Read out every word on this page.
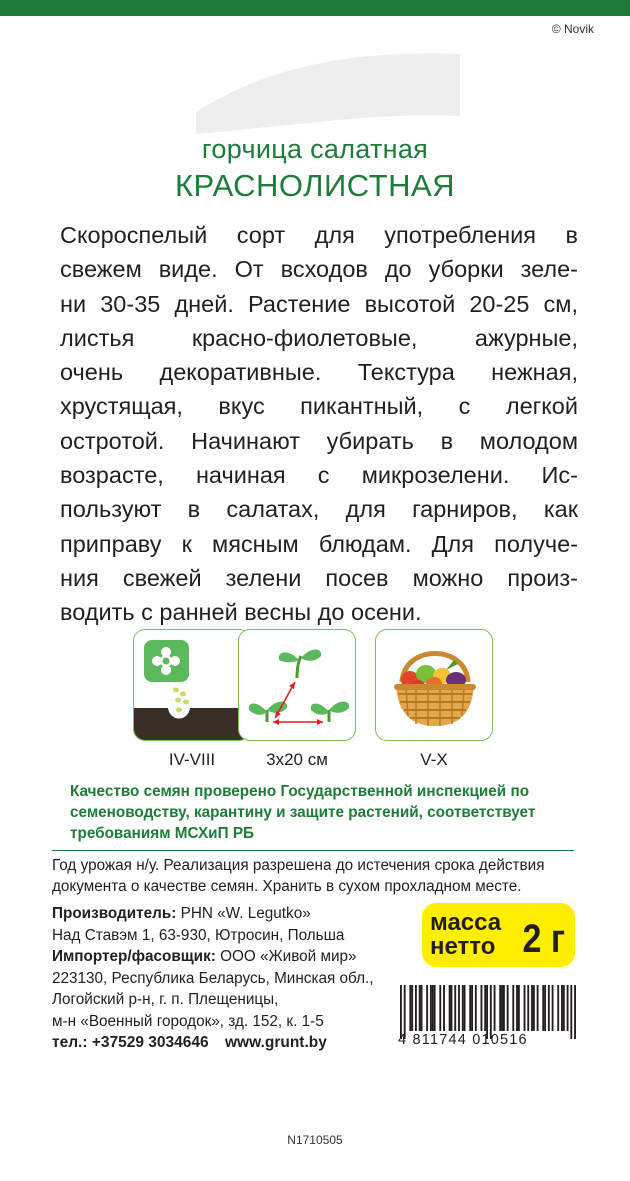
© Novik
горчица салатная
КРАСНОЛИСТНАЯ
Скороспелый сорт для употребления в
свежем виде. От всходов до уборки зеле-
ни 30-35 дней. Растение высотой 20-25 см,
листья красно-фиолетовые, ажурные,
очень декоративные. Текстура нежная,
хрустящая, вкус пикантный, с легкой
остротой. Начинают убирать в молодом
возрасте, начиная с микрозелени. Ис-
пользуют в салатах, для гарниров, как
приправу к мясным блюдам. Для получе-
ния свежей зелени посев можно произ-
водить с ранней весны до осени.
IV-VIII	3x20 см	V-X
Качество семян проверено Государственной инспекцией по семеноводству, карантину и защите растений, соответствует требованиям МСХиП РБ
Год урожая н/у. Реализация разрешена до истечения срока действия документа о качестве семян. Хранить в сухом прохладном месте.
Производитель: PHN «W. Legutko»
Над Ставэм 1, 63-930, Ютросин, Польша
Импортер/фасовщик: ООО «Живой мир»
223130, Республика Беларусь, Минская обл.,
Логойский р-н, г. п. Плещеницы,
м-н «Военный городок», зд. 152, к. 1-5
тел.: +37529 3034646 www.grunt.by
масса
нетто 2 г
4 811744 010516
N1710505
